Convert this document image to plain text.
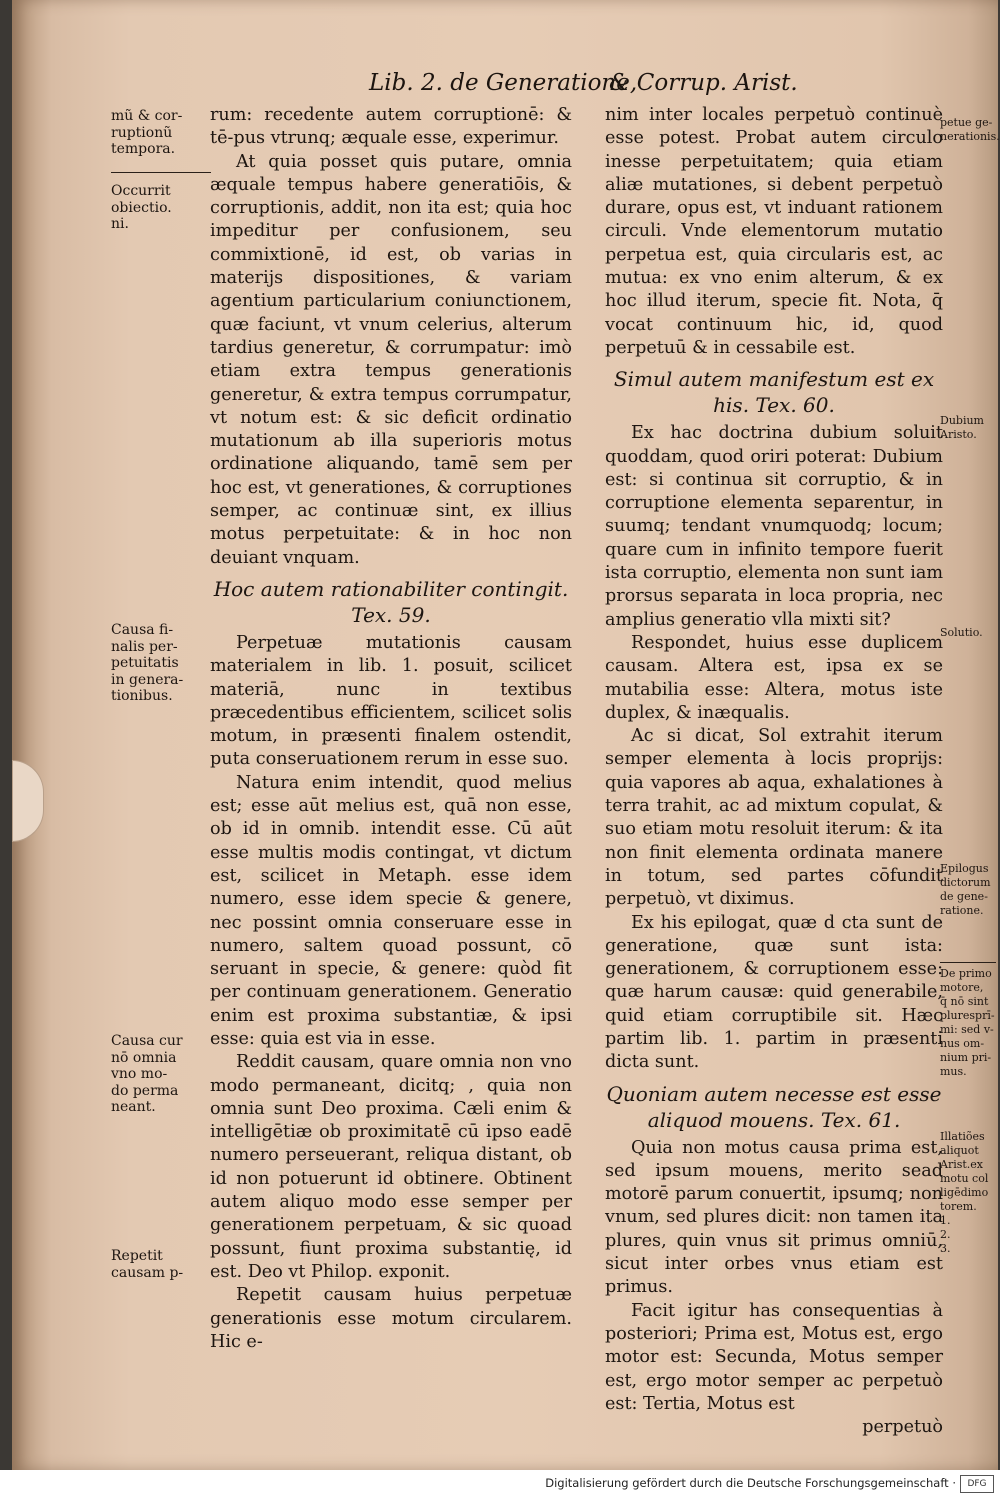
Lib. 2. de Generatione,
& Corrup. Arist.
mũ & cor-
ruptionũ
tempora.
Occurrit
obiectio.
ni.
Causa fi-
nalis per-
petuitatis
in genera-
tionibus.
Causa cur
nō omnia
vno mo-
do perma
neant.
Repetit
causam p-
petue ge-
nerationis.
Dubium
Aristo.
Solutio.
Epilogus
dictorum
de gene-
ratione.
De primo
motore,
q̄ nō sint
pluresprī-
mi: sed v-
nus om-
nium pri-
mus.
Illatiões
aliquot
Arist.ex
motu col
ligēdimo
torem.
1.
2.
3.

rum: recedente autem corruptionē: & tē-pus vtrunq; æquale esse, experimur.

At quia posset quis putare, omnia æquale tempus habere generatiōis, & corruptionis, addit, non ita est; quia hoc impeditur per confusionem, seu commixtionē, id est, ob varias in materijs dispositiones, & variam agentium particularium coniunctionem, quæ faciunt, vt vnum celerius, alterum tardius generetur, & corrumpatur: imò etiam extra tempus generationis generetur, & extra tempus corrumpatur, vt notum est: & sic deficit ordinatio mutationum ab illa superioris motus ordinatione aliquando, tamē sem per hoc est, vt generationes, & corruptiones semper, ac continuæ sint, ex illius motus perpetuitate: & in hoc non deuiant vnquam.

Hoc autem rationabiliter contingit. Tex. 59.

Perpetuæ mutationis causam materialem in lib. 1. posuit, scilicet materiā, nunc in textibus præcedentibus efficientem, scilicet solis motum, in præsenti finalem ostendit, puta conseruationem rerum in esse suo.

Natura enim intendit, quod melius est; esse aūt melius est, quā non esse, ob id in omnib. intendit esse. Cū aūt esse multis modis contingat, vt dictum est, scilicet in Metaph. esse idem numero, esse idem specie & genere, nec possint omnia conseruare esse in numero, saltem quoad possunt, cō seruant in specie, & genere: quòd fit per continuam generationem. Generatio enim est proxima substantiæ, & ipsi esse: quia est via in esse.

Reddit causam, quare omnia non vno modo permaneant, dicitq; , quia non omnia sunt Deo proxima. Cæli enim & intelligētiæ ob proximitatē cū ipso eadē numero perseuerant, reliqua distant, ob id non potuerunt id obtinere. Obtinent autem aliquo modo esse semper per generationem perpetuam, & sic quoad possunt, fiunt proxima substantię, id est. Deo vt Philop. exponit.

Repetit causam huius perpetuæ generationis esse motum circularem. Hic e-

nim inter locales perpetuò continuè esse potest. Probat autem circulo inesse perpetuitatem; quia etiam aliæ mutationes, si debent perpetuò durare, opus est, vt induant rationem circuli. Vnde elementorum mutatio perpetua est, quia circularis est, ac mutua: ex vno enim alterum, & ex hoc illud iterum, specie fit. Nota, q̄ vocat continuum hic, id, quod perpetuū & in cessabile est.

Simul autem manifestum est ex his. Tex. 60.

Ex hac doctrina dubium soluit quoddam, quod oriri poterat: Dubium est: si continua sit corruptio, & in corruptione elementa separentur, in suumq; tendant vnumquodq; locum; quare cum in infinito tempore fuerit ista corruptio, elementa non sunt iam prorsus separata in loca propria, nec amplius generatio vlla mixti sit?

Respondet, huius esse duplicem causam. Altera est, ipsa ex se mutabilia esse: Altera, motus iste duplex, & inæqualis.

Ac si dicat, Sol extrahit iterum semper elementa à locis proprijs: quia vapores ab aqua, exhalationes à terra trahit, ac ad mixtum copulat, & suo etiam motu resoluit iterum: & ita non finit elementa ordinata manere in totum, sed partes cōfundit perpetuò, vt diximus.

Ex his epilogat, quæ d cta sunt de generatione, quæ sunt ista: generationem, & corruptionem esse: quæ harum causæ: quid generabile, quid etiam corruptibile sit. Hæc partim lib. 1. partim in præsenti dicta sunt.

Quoniam autem necesse est esse aliquod mouens. Tex. 61.

Quia non motus causa prima est, sed ipsum mouens, merito sead motorē parum conuertit, ipsumq; non vnum, sed plures dicit: non tamen ita plures, quin vnus sit primus omniū, sicut inter orbes vnus etiam est primus.

Facit igitur has consequentias à posteriori; Prima est, Motus est, ergo motor est: Secunda, Motus semper est, ergo motor semper ac perpetuò est: Tertia, Motus est

perpetuò

Digitalisierung gefördert durch die Deutsche Forschungsgemeinschaft ·	DFG
